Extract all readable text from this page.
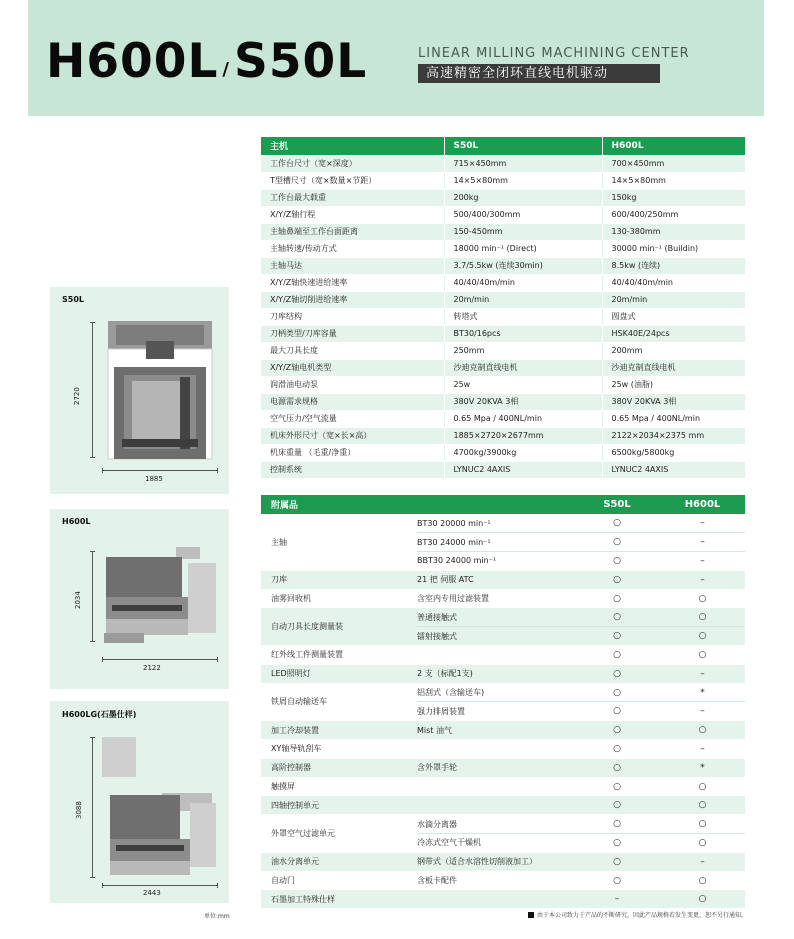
H600L /S50L	LINEAR MILLING MACHINING CENTER
高速精密全闭环直线电机驱动
S50L
2720
1885
H600L
2034
2122
H600LG(石墨仕样)
3088
2443
单位:mm
主机	S50L	H600L
工作台尺寸（宽×深度）	715×450mm	700×450mm
T型槽尺寸（宽×数量×节距）	14×5×80mm	14×5×80mm
工作台最大载重	200kg	150kg
X/Y/Z轴行程	500/400/300mm	600/400/250mm
主轴鼻端至工作台面距离	150-450mm	130-380mm
主轴转速/传动方式	18000 min⁻¹ (Direct)	30000 min⁻¹ (Buildin)
主轴马达	3.7/5.5kw (连续30min)	8.5kw (连续)
X/Y/Z轴快速进给速率	40/40/40m/min	40/40/40m/min
X/Y/Z轴切削进给速率	20m/min	20m/min
刀库结构	转塔式	圆盘式
刀柄类型/刀库容量	BT30/16pcs	HSK40E/24pcs
最大刀具长度	250mm	200mm
X/Y/Z轴电机类型	沙迪克制直线电机	沙迪克制直线电机
润滑油电动泵	25w	25w (油脂)
电源需求规格	380V 20KVA 3相	380V 20KVA 3相
空气压力/空气流量	0.65 Mpa / 400NL/min	0.65 Mpa / 400NL/min
机床外形尺寸（宽×长×高）	1885×2720×2677mm	2122×2034×2375 mm
机床重量 （毛重/净重）	4700kg/3900kg	6500kg/5800kg
控制系统	LYNUC2 4AXIS	LYNUC2 4AXIS
附属品		S50L	H600L
主轴	BT30 20000 min⁻¹	○	–
	BT30 24000 min⁻¹	○	–
	BBT30 24000 min⁻¹	○	–
刀库	21 把 伺服 ATC	○	–
油雾回收机	含室内专用过滤装置	○	○
自动刀具长度测量装	普通接触式	○	○
	镭射接触式	○	○
红外线工件测量装置		○	○
LED照明灯	2 支（标配1支)	○	–
铁屑自动输送车	铝刮式（含输送车)	○	*
	强力排屑装置	○	–
加工冷却装置	Mist 油气	○	○
XY轴导轨刮车		○	–
高阶控制器	含外罩手轮	○	*
触摸屏		○	○
四轴控制单元		○	○
外罩空气过滤单元	水滴分离器	○	○
	冷冻式空气干燥机	○	○
油水分离单元	钢带式（适合水溶性切削液加工）	○	–
自动门	含板卡配件	○	○
石墨加工特殊仕样		–	○
由于本公司致力于产品的不断研究，因此产品规格若发生变更，恕不另行通知。
